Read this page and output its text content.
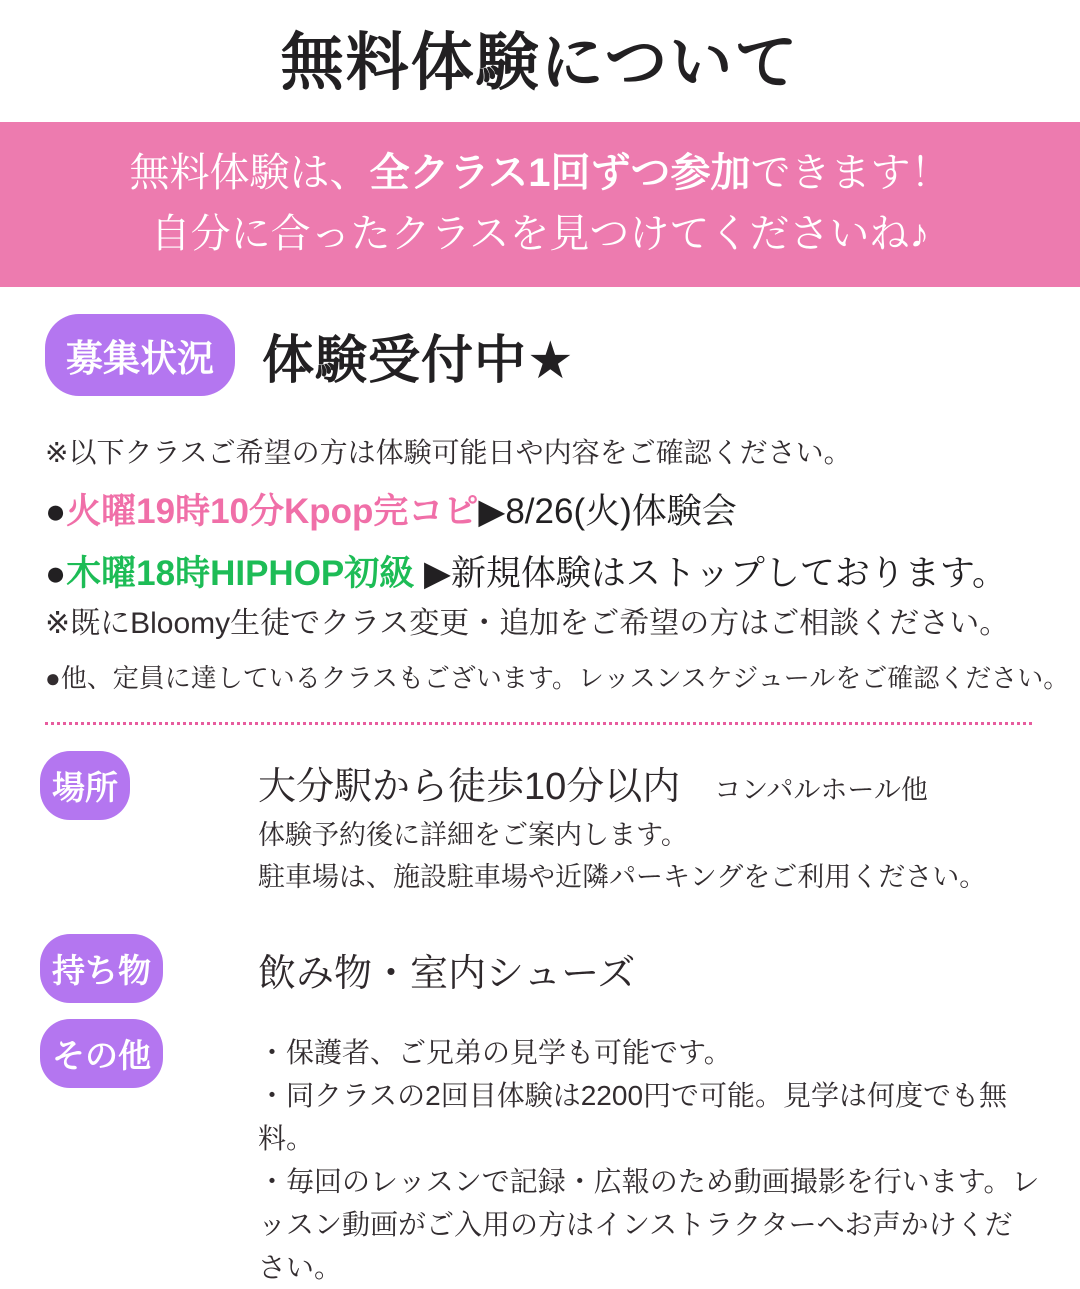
無料体験について
無料体験は、全クラス1回ずつ参加できます！
自分に合ったクラスを見つけてくださいね♪
募集状況 体験受付中★
※以下クラスご希望の方は体験可能日や内容をご確認ください。
●火曜19時10分Kpop完コピ▶8/26(火)体験会
●木曜18時HIPHOP初級 ▶新規体験はストップしております。
※既にBloomy生徒でクラス変更・追加をご希望の方はご相談ください。
●他、定員に達しているクラスもございます。レッスンスケジュールをご確認ください。
場所	大分駅から徒歩10分以内 コンパルホール他
体験予約後に詳細をご案内します。
駐車場は、施設駐車場や近隣パーキングをご利用ください。
持ち物	飲み物・室内シューズ
その他	・保護者、ご兄弟の見学も可能です。
・同クラスの2回目体験は2200円で可能。見学は何度でも無料。
・毎回のレッスンで記録・広報のため動画撮影を行います。レッスン動画がご入用の方はインストラクターへお声かけください。
